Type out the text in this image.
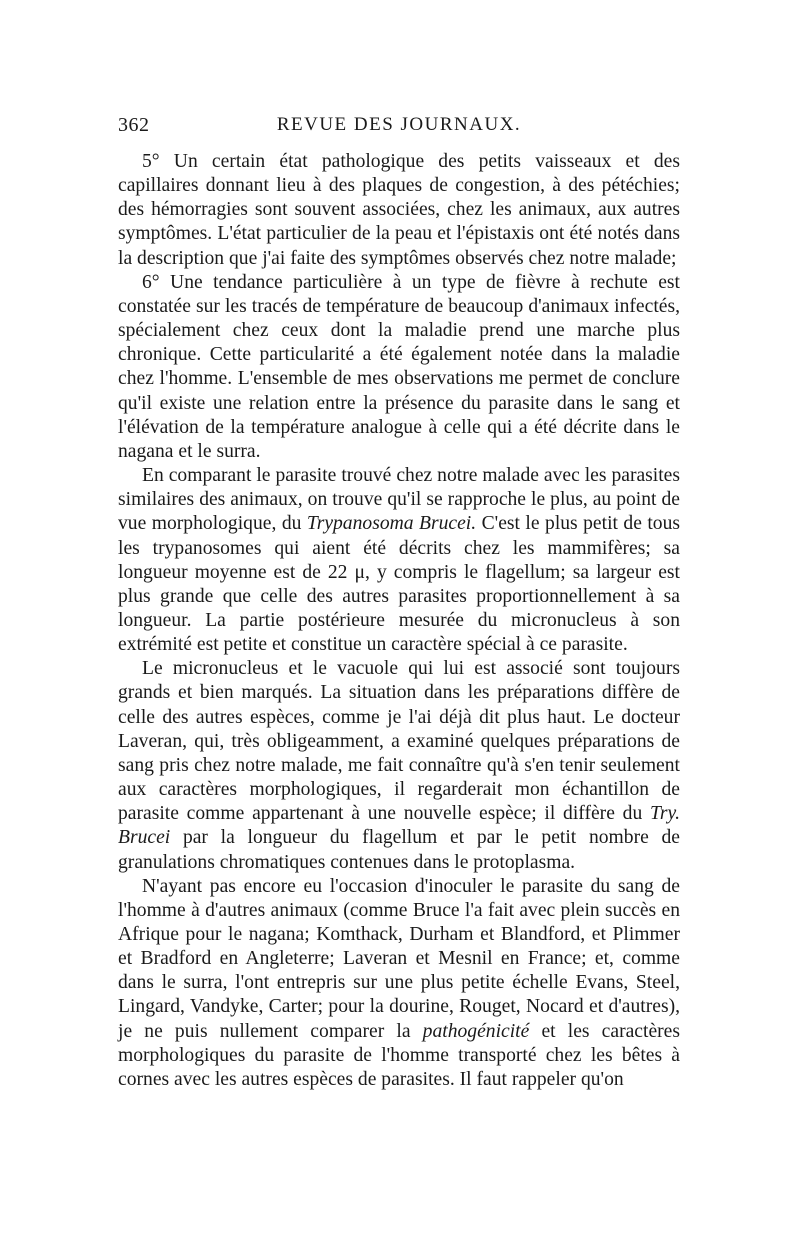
362	REVUE DES JOURNAUX.

5° Un certain état pathologique des petits vaisseaux et des capillaires donnant lieu à des plaques de congestion, à des pétéchies; des hémorragies sont souvent associées, chez les animaux, aux autres symptômes. L'état particulier de la peau et l'épistaxis ont été notés dans la description que j'ai faite des symptômes observés chez notre malade;

6° Une tendance particulière à un type de fièvre à rechute est constatée sur les tracés de température de beaucoup d'animaux infectés, spécialement chez ceux dont la maladie prend une marche plus chronique. Cette particularité a été également notée dans la maladie chez l'homme. L'ensemble de mes observations me permet de conclure qu'il existe une relation entre la présence du parasite dans le sang et l'élévation de la température analogue à celle qui a été décrite dans le nagana et le surra.

En comparant le parasite trouvé chez notre malade avec les parasites similaires des animaux, on trouve qu'il se rapproche le plus, au point de vue morphologique, du Trypanosoma Brucei. C'est le plus petit de tous les trypanosomes qui aient été décrits chez les mammifères; sa longueur moyenne est de 22 μ, y compris le flagellum; sa largeur est plus grande que celle des autres parasites proportionnellement à sa longueur. La partie postérieure mesurée du micronucleus à son extrémité est petite et constitue un caractère spécial à ce parasite.

Le micronucleus et le vacuole qui lui est associé sont toujours grands et bien marqués. La situation dans les préparations diffère de celle des autres espèces, comme je l'ai déjà dit plus haut. Le docteur Laveran, qui, très obligeamment, a examiné quelques préparations de sang pris chez notre malade, me fait connaître qu'à s'en tenir seulement aux caractères morphologiques, il regarderait mon échantillon de parasite comme appartenant à une nouvelle espèce; il diffère du Try. Brucei par la longueur du flagellum et par le petit nombre de granulations chromatiques contenues dans le protoplasma.

N'ayant pas encore eu l'occasion d'inoculer le parasite du sang de l'homme à d'autres animaux (comme Bruce l'a fait avec plein succès en Afrique pour le nagana; Komthack, Durham et Blandford, et Plimmer et Bradford en Angleterre; Laveran et Mesnil en France; et, comme dans le surra, l'ont entrepris sur une plus petite échelle Evans, Steel, Lingard, Vandyke, Carter; pour la dourine, Rouget, Nocard et d'autres), je ne puis nullement comparer la pathogénicité et les caractères morphologiques du parasite de l'homme transporté chez les bêtes à cornes avec les autres espèces de parasites. Il faut rappeler qu'on
